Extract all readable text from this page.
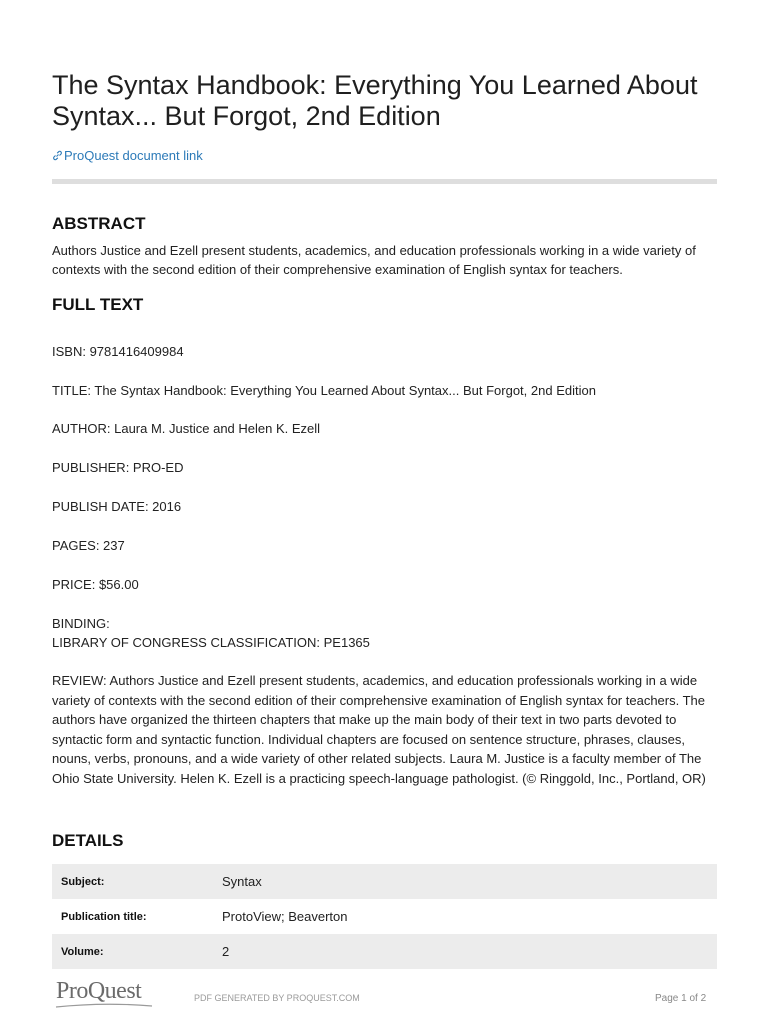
The Syntax Handbook: Everything You Learned About Syntax... But Forgot, 2nd Edition
ProQuest document link
ABSTRACT

Authors Justice and Ezell present students, academics, and education professionals working in a wide variety of contexts with the second edition of their comprehensive examination of English syntax for teachers.

FULL TEXT

ISBN: 9781416409984

TITLE: The Syntax Handbook: Everything You Learned About Syntax... But Forgot, 2nd Edition

AUTHOR: Laura M. Justice and Helen K. Ezell

PUBLISHER: PRO-ED

PUBLISH DATE: 2016

PAGES: 237

PRICE: $56.00

BINDING:

LIBRARY OF CONGRESS CLASSIFICATION: PE1365

REVIEW: Authors Justice and Ezell present students, academics, and education professionals working in a wide variety of contexts with the second edition of their comprehensive examination of English syntax for teachers. The authors have organized the thirteen chapters that make up the main body of their text in two parts devoted to syntactic form and syntactic function. Individual chapters are focused on sentence structure, phrases, clauses, nouns, verbs, pronouns, and a wide variety of other related subjects. Laura M. Justice is a faculty member of The Ohio State University. Helen K. Ezell is a practicing speech-language pathologist. (© Ringgold, Inc., Portland, OR)

DETAILS
Subject:	Syntax
Publication title:	ProtoView; Beaverton
Volume:	2
ProQuest	PDF GENERATED BY PROQUEST.COM	Page 1 of 2
